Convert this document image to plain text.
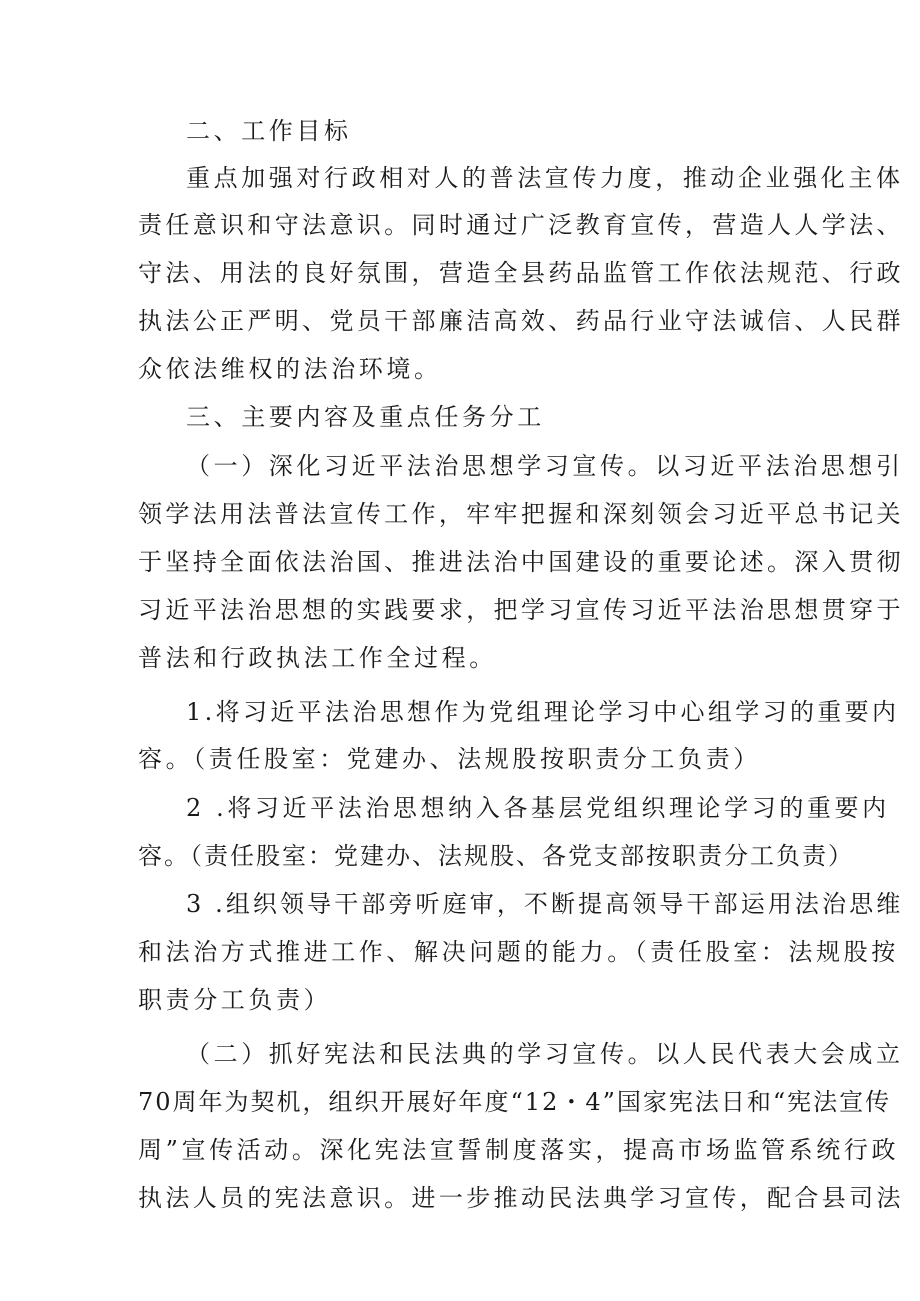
二、工作目标
重点加强对行政相对人的普法宣传力度，推动企业强化主体
责任意识和守法意识。同时通过广泛教育宣传，营造人人学法、
守法、用法的良好氛围，营造全县药品监管工作依法规范、行政
执法公正严明、党员干部廉洁高效、药品行业守法诚信、人民群
众依法维权的法治环境。
三、主要内容及重点任务分工
（一）深化习近平法治思想学习宣传。以习近平法治思想引
领学法用法普法宣传工作，牢牢把握和深刻领会习近平总书记关
于坚持全面依法治国、推进法治中国建设的重要论述。深入贯彻
习近平法治思想的实践要求，把学习宣传习近平法治思想贯穿于
普法和行政执法工作全过程。
1.将习近平法治思想作为党组理论学习中心组学习的重要内
容。（责任股室：党建办、法规股按职责分工负责）
2 .将习近平法治思想纳入各基层党组织理论学习的重要内
容。（责任股室：党建办、法规股、各党支部按职责分工负责）
3 .组织领导干部旁听庭审，不断提高领导干部运用法治思维
和法治方式推进工作、解决问题的能力。（责任股室：法规股按
职责分工负责）
（二）抓好宪法和民法典的学习宣传。以人民代表大会成立
70周年为契机，组织开展好年度“12・4”国家宪法日和“宪法宣传
周”宣传活动。深化宪法宣誓制度落实，提高市场监管系统行政
执法人员的宪法意识。进一步推动民法典学习宣传，配合县司法
